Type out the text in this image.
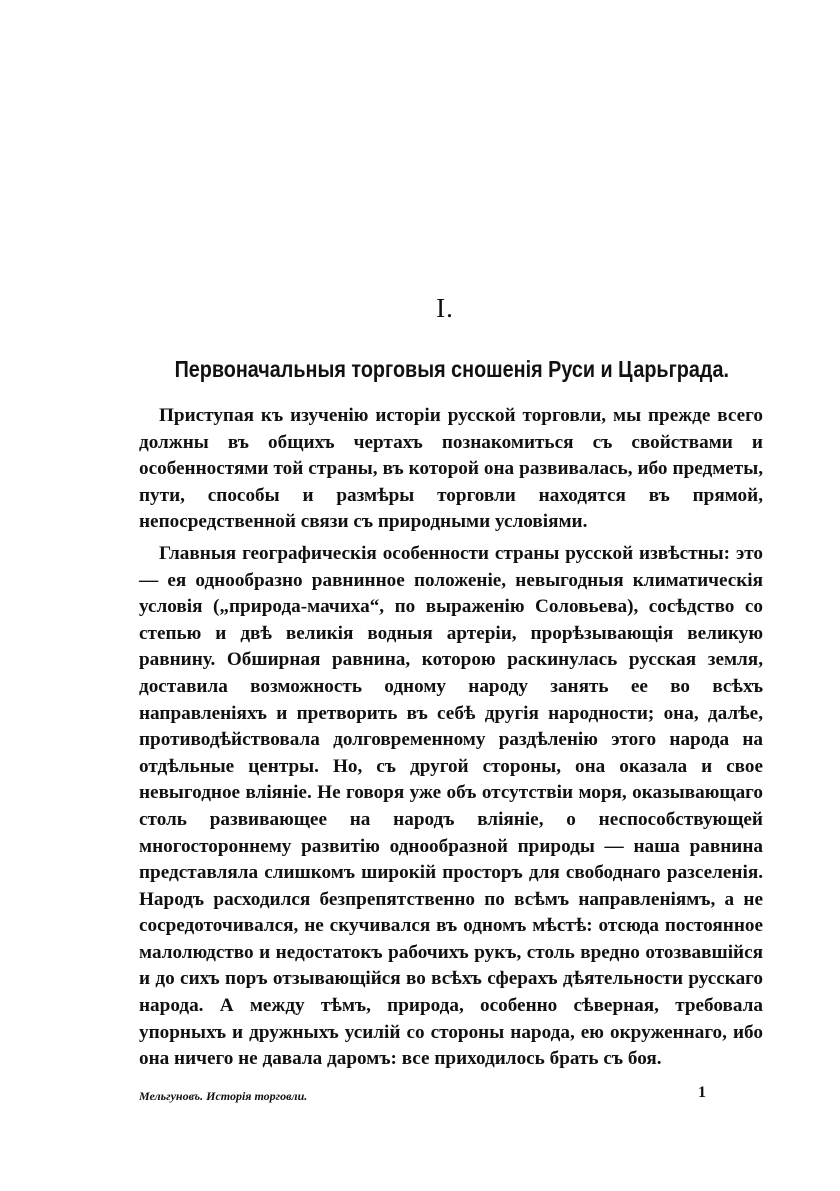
I.
Первоначальныя торговыя сношенія Руси и Царьграда.

Приступая къ изученію исторіи русской торговли, мы прежде всего должны въ общихъ чертахъ познакомиться съ свойствами и особенностями той страны, въ которой она развивалась, ибо предметы, пути, способы и размѣры торговли находятся въ прямой, непосредственной связи съ природными условіями.

Главныя географическія особенности страны русской извѣстны: это — ея однообразно равнинное положеніе, невыгодныя климатическія условія („природа-мачиха“, по выраженію Соловьева), сосѣдство со степью и двѣ великія водныя артеріи, прорѣзывающія великую равнину. Обширная равнина, которою раскинулась русская земля, доставила возможность одному народу занять ее во всѣхъ направленіяхъ и претворить въ себѣ другія народности; она, далѣе, противодѣйствовала долговременному раздѣленію этого народа на отдѣльные центры. Но, съ другой стороны, она оказала и свое невыгодное вліяніе. Не говоря уже объ отсутствіи моря, оказывающаго столь развивающее на народъ вліяніе, о неспособствующей многостороннему развитію однообразной природы — наша равнина представляла слишкомъ широкій просторъ для свободнаго разселенія. Народъ расходился безпрепятственно по всѣмъ направленіямъ, а не сосредоточивался, не скучивался въ одномъ мѣстѣ: отсюда постоянное малолюдство и недостатокъ рабочихъ рукъ, столь вредно отозвавшійся и до сихъ поръ отзывающійся во всѣхъ сферахъ дѣятельности русскаго народа. А между тѣмъ, природа, особенно сѣверная, требовала упорныхъ и дружныхъ усилій со стороны народа, ею окруженнаго, ибо она ничего не давала даромъ: все приходилось брать съ боя.

Мельгуновъ. Исторія торговли.	1
